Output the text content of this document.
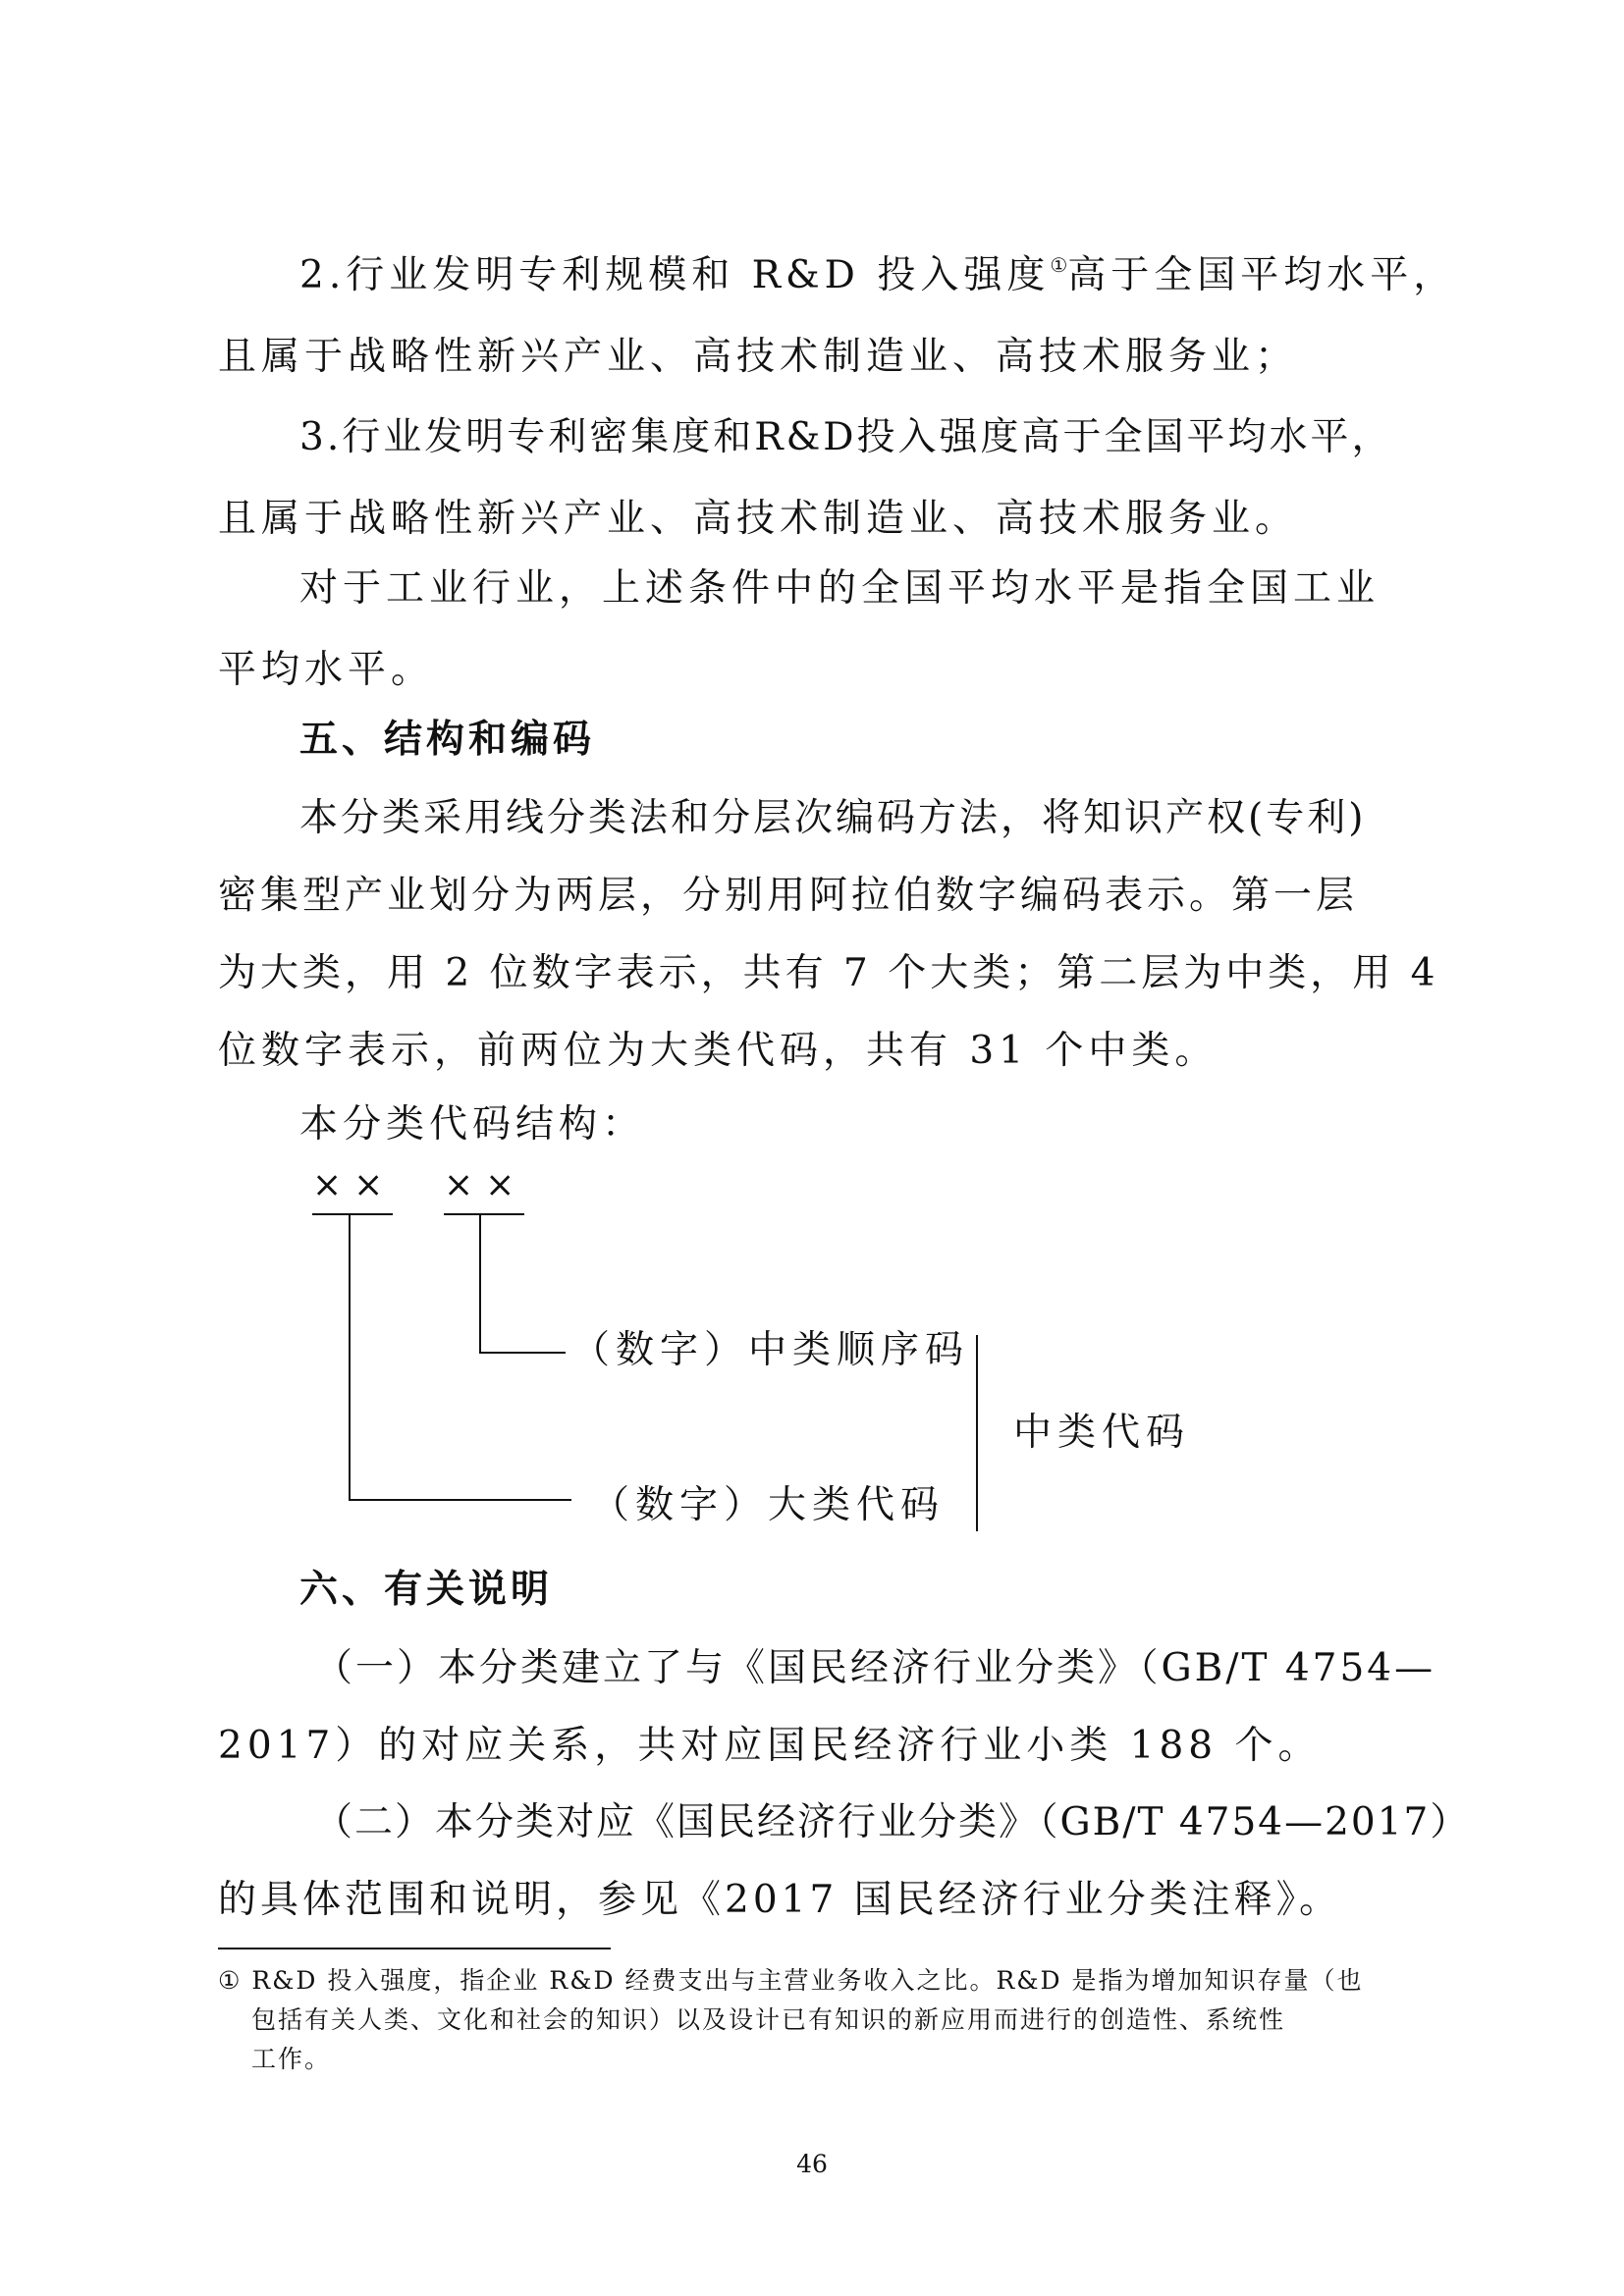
2.行业发明专利规模和 R&D 投入强度①高于全国平均水平，
且属于战略性新兴产业、高技术制造业、高技术服务业；
3.行业发明专利密集度和R&D投入强度高于全国平均水平，
且属于战略性新兴产业、高技术制造业、高技术服务业。
对于工业行业，上述条件中的全国平均水平是指全国工业
平均水平。
五、结构和编码
本分类采用线分类法和分层次编码方法，将知识产权(专利)
密集型产业划分为两层，分别用阿拉伯数字编码表示。第一层
为大类，用 2 位数字表示，共有 7 个大类；第二层为中类，用 4
位数字表示，前两位为大类代码，共有 31 个中类。
本分类代码结构：
×× ××
（数字）中类顺序码
（数字）大类代码
中类代码
六、有关说明
（一）本分类建立了与《国民经济行业分类》（GB/T 4754—
2017）的对应关系，共对应国民经济行业小类 188 个。
（二）本分类对应《国民经济行业分类》（GB/T 4754—2017）
的具体范围和说明，参见《2017 国民经济行业分类注释》。
① R&D 投入强度，指企业 R&D 经费支出与主营业务收入之比。R&D 是指为增加知识存量（也
包括有关人类、文化和社会的知识）以及设计已有知识的新应用而进行的创造性、系统性
工作。
46
